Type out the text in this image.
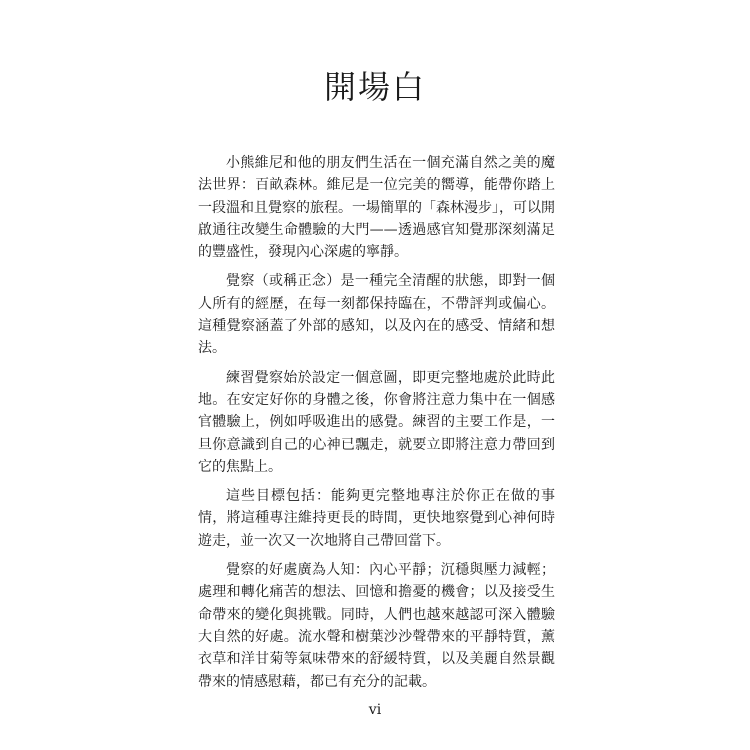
開場白

小熊維尼和他的朋友們生活在一個充滿自然之美的魔法世界：百畝森林。維尼是一位完美的嚮導，能帶你踏上一段溫和且覺察的旅程。一場簡單的「森林漫步」，可以開啟通往改變生命體驗的大門——透過感官知覺那深刻滿足的豐盛性，發現內心深處的寧靜。

覺察（或稱正念）是一種完全清醒的狀態，即對一個人所有的經歷，在每一刻都保持臨在，不帶評判或偏心。這種覺察涵蓋了外部的感知，以及內在的感受、情緒和想法。

練習覺察始於設定一個意圖，即更完整地處於此時此地。在安定好你的身體之後，你會將注意力集中在一個感官體驗上，例如呼吸進出的感覺。練習的主要工作是，一旦你意識到自己的心神已飄走，就要立即將注意力帶回到它的焦點上。

這些目標包括：能夠更完整地專注於你正在做的事情，將這種專注維持更長的時間，更快地察覺到心神何時遊走，並一次又一次地將自己帶回當下。

覺察的好處廣為人知：內心平靜；沉穩與壓力減輕；處理和轉化痛苦的想法、回憶和擔憂的機會；以及接受生命帶來的變化與挑戰。同時，人們也越來越認可深入體驗大自然的好處。流水聲和樹葉沙沙聲帶來的平靜特質，薰衣草和洋甘菊等氣味帶來的舒緩特質，以及美麗自然景觀帶來的情感慰藉，都已有充分的記載。

vi
